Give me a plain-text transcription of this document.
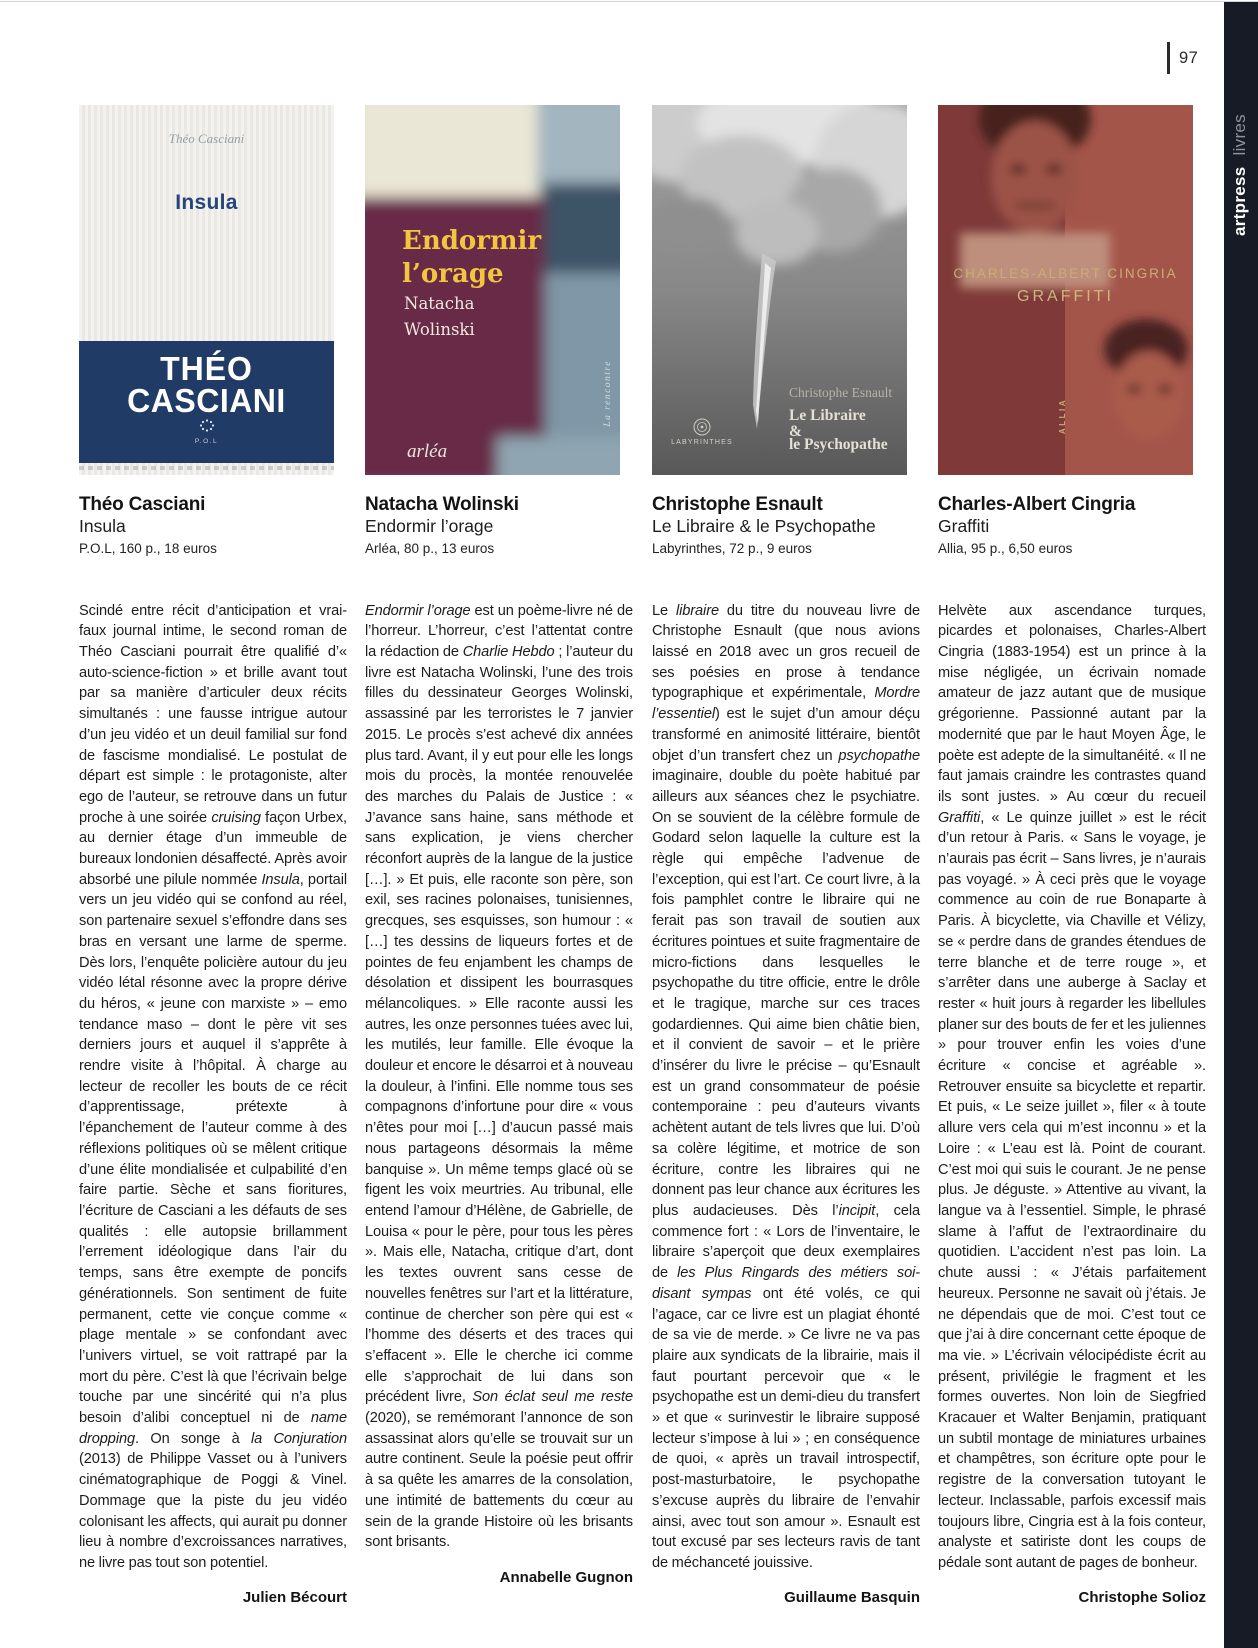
97
artpresslivres
Théo Casciani
Insula
THÉO
CASCIANI
P.O.L
Endormir
l’orage
Natacha
Wolinski
arléa
La rencontre	Christophe Esnault
Le Libraire
&
le Psychopathe
LABYRINTHES
CHARLES-ALBERT CINGRIA
GRAFFITI
ALLIA
Théo Casciani
Insula
P.O.L, 160 p., 18 euros
Natacha Wolinski
Endormir l’orage
Arléa, 80 p., 13 euros
Christophe Esnault
Le Libraire & le Psychopathe
Labyrinthes, 72 p., 9 euros
Charles-Albert Cingria
Graffiti
Allia, 95 p., 6,50 euros

Scindé entre récit d’anticipation et vrai-faux journal intime, le second roman de Théo Casciani pourrait être qualifié d’« auto-science-fiction » et brille avant tout par sa manière d’articuler deux récits simultanés : une fausse intrigue autour d’un jeu vidéo et un deuil familial sur fond de fascisme mondialisé. Le postulat de départ est simple : le protagoniste, alter ego de l’auteur, se retrouve dans un futur proche à une soirée cruising façon Urbex, au dernier étage d’un immeuble de bureaux londonien désaffecté. Après avoir absorbé une pilule nommée Insula, portail vers un jeu vidéo qui se confond au réel, son partenaire sexuel s’effondre dans ses bras en versant une larme de sperme. Dès lors, l’enquête policière autour du jeu vidéo létal résonne avec la propre dérive du héros, « jeune con marxiste » – emo tendance maso – dont le père vit ses derniers jours et auquel il s’apprête à rendre visite à l’hôpital. À charge au lecteur de recoller les bouts de ce récit d’apprentissage, prétexte à l’épanchement de l’auteur comme à des réflexions politiques où se mêlent critique d’une élite mondialisée et culpabilité d’en faire partie. Sèche et sans fioritures, l’écriture de Casciani a les défauts de ses qualités : elle autopsie brillamment l’errement idéologique dans l’air du temps, sans être exempte de poncifs générationnels. Son sentiment de fuite permanent, cette vie conçue comme « plage mentale » se confondant avec l’univers virtuel, se voit rattrapé par la mort du père. C’est là que l’écrivain belge touche par une sincérité qui n’a plus besoin d’alibi conceptuel ni de name dropping. On songe à la Conjuration (2013) de Philippe Vasset ou à l’univers cinématographique de Poggi & Vinel. Dommage que la piste du jeu vidéo colonisant les affects, qui aurait pu donner lieu à nombre d’excroissances narratives, ne livre pas tout son potentiel.

Julien Bécourt

Endormir l’orage est un poème-livre né de l’horreur. L’horreur, c’est l’attentat contre la rédaction de Charlie Hebdo ; l’auteur du livre est Natacha Wolinski, l’une des trois filles du dessinateur Georges Wolinski, assassiné par les terroristes le 7 janvier 2015. Le procès s’est achevé dix années plus tard. Avant, il y eut pour elle les longs mois du procès, la montée renouvelée des marches du Palais de Justice : « J’avance sans haine, sans méthode et sans explication, je viens chercher réconfort auprès de la langue de la justice […]. » Et puis, elle raconte son père, son exil, ses racines polonaises, tunisiennes, grecques, ses esquisses, son humour : « […] tes dessins de liqueurs fortes et de pointes de feu enjambent les champs de désolation et dissipent les bourrasques mélancoliques. » Elle raconte aussi les autres, les onze personnes tuées avec lui, les mutilés, leur famille. Elle évoque la douleur et encore le désarroi et à nouveau la douleur, à l’infini. Elle nomme tous ses compagnons d’infortune pour dire « vous n’êtes pour moi […] d’aucun passé mais nous partageons désormais la même banquise ». Un même temps glacé où se figent les voix meurtries. Au tribunal, elle entend l’amour d’Hélène, de Gabrielle, de Louisa « pour le père, pour tous les pères ». Mais elle, Natacha, critique d’art, dont les textes ouvrent sans cesse de nouvelles fenêtres sur l’art et la littérature, continue de chercher son père qui est « l’homme des déserts et des traces qui s’effacent ». Elle le cherche ici comme elle s’approchait de lui dans son précédent livre, Son éclat seul me reste (2020), se remémorant l’annonce de son assassinat alors qu’elle se trouvait sur un autre continent. Seule la poésie peut offrir à sa quête les amarres de la consolation, une intimité de battements du cœur au sein de la grande Histoire où les brisants sont brisants.

Annabelle Gugnon

Le libraire du titre du nouveau livre de Christophe Esnault (que nous avions laissé en 2018 avec un gros recueil de ses poésies en prose à tendance typographique et expérimentale, Mordre l’essentiel) est le sujet d’un amour déçu transformé en animosité littéraire, bientôt objet d’un transfert chez un psychopathe imaginaire, double du poète habitué par ailleurs aux séances chez le psychiatre. On se souvient de la célèbre formule de Godard selon laquelle la culture est la règle qui empêche l’advenue de l’exception, qui est l’art. Ce court livre, à la fois pamphlet contre le libraire qui ne ferait pas son travail de soutien aux écritures pointues et suite fragmentaire de micro-fictions dans lesquelles le psychopathe du titre officie, entre le drôle et le tragique, marche sur ces traces godardiennes. Qui aime bien châtie bien, et il convient de savoir – et le prière d’insérer du livre le précise – qu’Esnault est un grand consommateur de poésie contemporaine : peu d’auteurs vivants achètent autant de tels livres que lui. D’où sa colère légitime, et motrice de son écriture, contre les libraires qui ne donnent pas leur chance aux écritures les plus audacieuses. Dès l’incipit, cela commence fort : « Lors de l’inventaire, le libraire s’aperçoit que deux exemplaires de les Plus Ringards des métiers soi-disant sympas ont été volés, ce qui l’agace, car ce livre est un plagiat éhonté de sa vie de merde. » Ce livre ne va pas plaire aux syndicats de la librairie, mais il faut pourtant percevoir que « le psychopathe est un demi-dieu du transfert » et que « surinvestir le libraire supposé lecteur s’impose à lui » ; en conséquence de quoi, « après un travail introspectif, post-masturbatoire, le psychopathe s’excuse auprès du libraire de l’envahir ainsi, avec tout son amour ». Esnault est tout excusé par ses lecteurs ravis de tant de méchanceté jouissive.

Guillaume Basquin

Helvète aux ascendance turques, picardes et polonaises, Charles-Albert Cingria (1883-1954) est un prince à la mise négligée, un écrivain nomade amateur de jazz autant que de musique grégorienne. Passionné autant par la modernité que par le haut Moyen Âge, le poète est adepte de la simultanéité. « Il ne faut jamais craindre les contrastes quand ils sont justes. » Au cœur du recueil Graffiti, « Le quinze juillet » est le récit d’un retour à Paris. « Sans le voyage, je n’aurais pas écrit – Sans livres, je n’aurais pas voyagé. » À ceci près que le voyage commence au coin de rue Bonaparte à Paris. À bicyclette, via Chaville et Vélizy, se « perdre dans de grandes étendues de terre blanche et de terre rouge », et s’arrêter dans une auberge à Saclay et rester « huit jours à regarder les libellules planer sur des bouts de fer et les juliennes » pour trouver enfin les voies d’une écriture « concise et agréable ». Retrouver ensuite sa bicyclette et repartir. Et puis, « Le seize juillet », filer « à toute allure vers cela qui m’est inconnu » et la Loire : « L’eau est là. Point de courant. C’est moi qui suis le courant. Je ne pense plus. Je déguste. » Attentive au vivant, la langue va à l’essentiel. Simple, le phrasé slame à l’affut de l’extraordinaire du quotidien. L’accident n’est pas loin. La chute aussi : « J’étais parfaitement heureux. Personne ne savait où j’étais. Je ne dépendais que de moi. C’est tout ce que j’ai à dire concernant cette époque de ma vie. » L’écrivain vélocipédiste écrit au présent, privilégie le fragment et les formes ouvertes. Non loin de Siegfried Kracauer et Walter Benjamin, pratiquant un subtil montage de miniatures urbaines et champêtres, son écriture opte pour le registre de la conversation tutoyant le lecteur. Inclassable, parfois excessif mais toujours libre, Cingria est à la fois conteur, analyste et satiriste dont les coups de pédale sont autant de pages de bonheur.

Christophe Solioz
